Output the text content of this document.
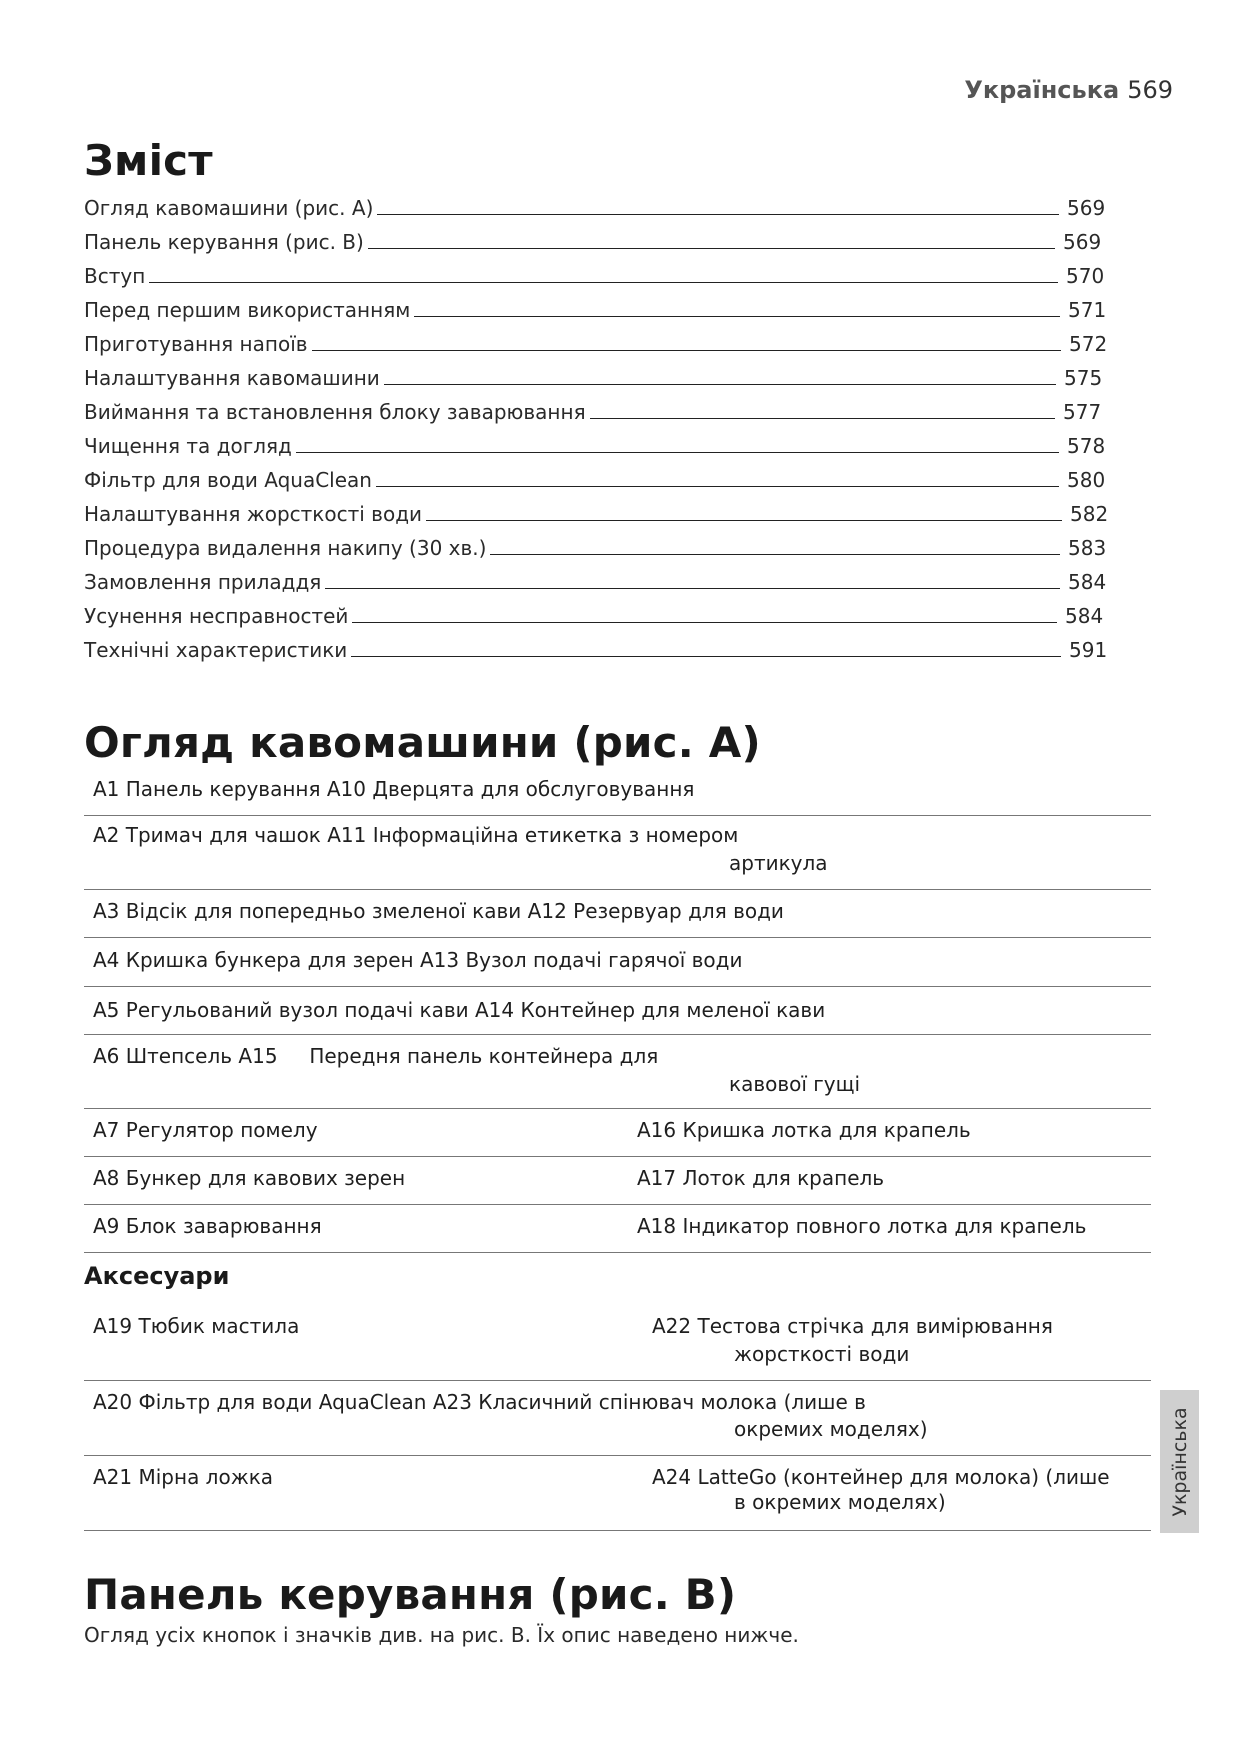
Українська 569
Зміст
Огляд кавомашини (рис. A)	569
Панель керування (рис. B)	569
Вступ	570
Перед першим використанням	571
Приготування напоїв	572
Налаштування кавомашини	575
Виймання та встановлення блоку заварювання	577
Чищення та догляд	578
Фільтр для води AquaClean	580
Налаштування жорсткості води	582
Процедура видалення накипу (30 хв.)	583
Замовлення приладдя	584
Усунення несправностей	584
Технічні характеристики	591
Огляд кавомашини (рис. A)
A1 Панель керування A10 Дверцята для обслуговування
A2 Тримач для чашок A11 Інформаційна етикетка з номером
артикула
A3 Відсік для попередньо змеленої кави A12 Резервуар для води
A4 Кришка бункера для зерен A13 Вузол подачі гарячої води
A5 Регульований вузол подачі кави A14 Контейнер для меленої кави
A6 Штепсель A15     Передня панель контейнера для
кавової гущі
A7 Регулятор помелу	A16 Кришка лотка для крапель
A8 Бункер для кавових зерен	A17 Лоток для крапель
A9 Блок заварювання	A18 Індикатор повного лотка для крапель
Аксесуари
A19 Тюбик мастила	A22 Тестова стрічка для вимірювання
жорсткості води
A20 Фільтр для води AquaClean A23 Класичний спінювач молока (лише в
окремих моделях)
A21 Мірна ложка	A24 LatteGo (контейнер для молока) (лише
в окремих моделях)
Панель керування (рис. B)
Огляд усіх кнопок і значків див. на рис. B. Їх опис наведено нижче.
Українська
